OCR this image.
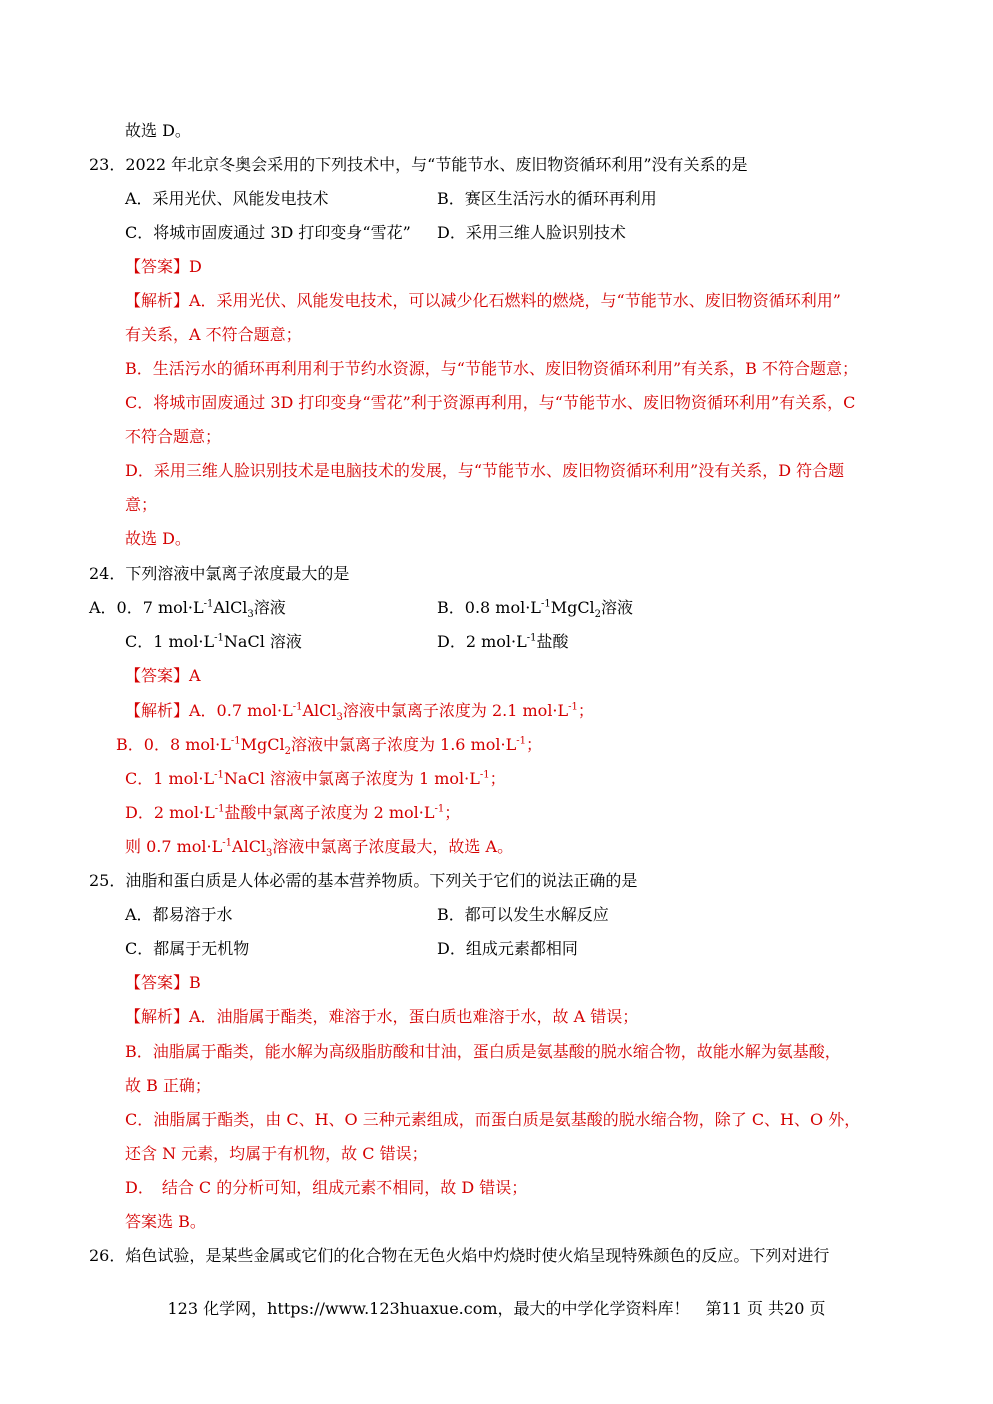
故选 D。
23．2022 年北京冬奥会采用的下列技术中，与“节能节水、废旧物资循环利用”没有关系的是
A．采用光伏、风能发电技术	B．赛区生活污水的循环再利用
C．将城市固废通过 3D 打印变身“雪花” D．采用三维人脸识别技术
【答案】D
【解析】A．采用光伏、风能发电技术，可以减少化石燃料的燃烧，与“节能节水、废旧物资循环利用”
有关系，A 不符合题意；
B．生活污水的循环再利用利于节约水资源，与“节能节水、废旧物资循环利用”有关系，B 不符合题意；
C．将城市固废通过 3D 打印变身“雪花”利于资源再利用，与“节能节水、废旧物资循环利用”有关系，C
不符合题意；
D．采用三维人脸识别技术是电脑技术的发展，与“节能节水、废旧物资循环利用”没有关系，D 符合题
意；
故选 D。
24．下列溶液中氯离子浓度最大的是
A．0．7 $mol\cdot L^{-1}AlCl_3$溶液	B．0.8 $mol\cdot L^{-1}MgCl_2$溶液
C．1 $mol\cdot L^{-1}NaCl$ 溶液	D．2 $mol\cdot L^{-1}$盐酸
【答案】A
【解析】A．0.7 $mol\cdot L^{-1}AlCl_3$溶液中氯离子浓度为 2.1 $mol\cdot L^{-1}$；
B．0．8 $mol\cdot L^{-1}MgCl_2$溶液中氯离子浓度为 1.6 $mol\cdot L^{-1}$；
C．1 $mol\cdot L^{-1}NaCl$ 溶液中氯离子浓度为 1 $mol\cdot L^{-1}$；
D．2 $mol\cdot L^{-1}$盐酸中氯离子浓度为 2 $mol\cdot L^{-1}$；
则 0.7 $mol\cdot L^{-1}AlCl_3$溶液中氯离子浓度最大，故选 A。
25．油脂和蛋白质是人体必需的基本营养物质。下列关于它们的说法正确的是
A．都易溶于水	B．都可以发生水解反应
C．都属于无机物	D．组成元素都相同
【答案】B
【解析】A．油脂属于酯类，难溶于水，蛋白质也难溶于水，故 A 错误；
B．油脂属于酯类，能水解为高级脂肪酸和甘油，蛋白质是氨基酸的脱水缩合物，故能水解为氨基酸，
故 B 正确；
C．油脂属于酯类，由 C、H、O 三种元素组成，而蛋白质是氨基酸的脱水缩合物，除了 C、H、O 外，
还含 N 元素，均属于有机物，故 C 错误；
D．　结合 C 的分析可知，组成元素不相同，故 D 错误；
答案选 B。
26．焰色试验，是某些金属或它们的化合物在无色火焰中灼烧时使火焰呈现特殊颜色的反应。下列对进行
123 化学网，https://www.123huaxue.com，最大的中学化学资料库！　第11 页 共20 页
